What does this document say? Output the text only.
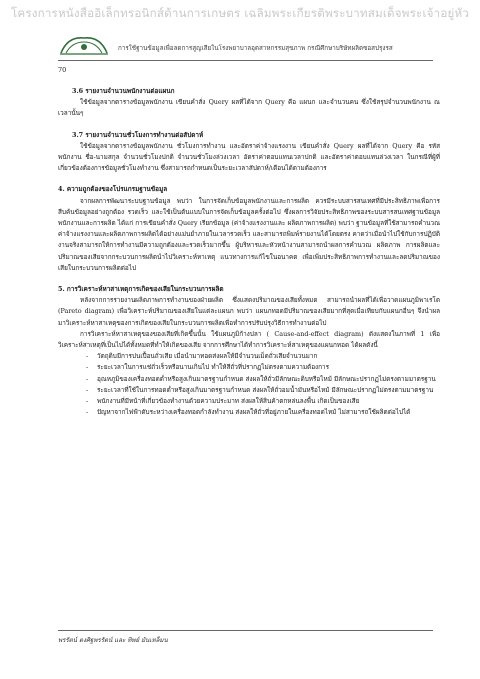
โครงการหนังสืออิเล็กทรอนิกส์ด้านการเกษตร เฉลิมพระเกียรติพระบาทสมเด็จพระเจ้าอยู่หัว
การใช้ฐานข้อมูลเพื่อลดการสูญเสียในโรงพยาบาลอุตสาหกรรมสุขภาพ กรณีศึกษาบริษัทผลิตซอสปรุงรส
70
3.6 รายงานจำนวนพนักงานต่อแผนก
ใช้ข้อมูลจากตารางข้อมูลพนักงาน เขียนคำสั่ง Query ผลที่ได้จาก Query คือ แผนก และจำนวนคน ซึ่งใช้สรุปจำนวนพนักงาน ณ เวลานั้นๆ
3.7 รายงานจำนวนชั่วโมงการทำงานต่อสัปดาห์
ใช้ข้อมูลจากตารางข้อมูลพนักงาน ชั่วโมงการทำงาน และอัตราค่าจ้างแรงงาน เขียนคำสั่ง Query ผลที่ได้จาก Query คือ รหัสพนักงาน ชื่อ-นามสกุล จำนวนชั่วโมงปกติ จำนวนชั่วโมงล่วงเวลา อัตราค่าตอบแทนเวลาปกติ และอัตราค่าตอบแทนล่วงเวลา ในกรณีที่ผู้ที่เกี่ยวข้องต้องการข้อมูลชั่วโมงทำงาน ซึ่งสามารถกำหนดเป็นระยะเวลาสัปดาห์/เดือนได้ตามต้องการ
4. ความถูกต้องของโปรแกรมฐานข้อมูล
จากผลการพัฒนาระบบฐานข้อมูล พบว่า ในการจัดเก็บข้อมูลพนักงานและการผลิต ควรมีระบบสารสนเทศที่มีประสิทธิภาพเพื่อการสืบค้นข้อมูลอย่างถูกต้อง รวดเร็ว และใช้เป็นต้นแบบในการจัดเก็บข้อมูลครั้งต่อไป ซึ่งผลการวิจัยประสิทธิภาพของระบบสารสนเทศฐานข้อมูลพนักงานและการผลิต ได้แก่ การเขียนคำสั่ง Query เรียกข้อมูล (ค่าจ้างแรงงานและ ผลิตภาพการผลิต) พบว่า ฐานข้อมูลที่ใช้สามารถคำนวณค่าจ้างแรงงานและผลิตภาพการผลิตได้อย่างแม่นยำภายในเวลารวดเร็ว และสามารถพิมพ์รายงานได้โดยตรง คาดว่าเมื่อนำไปใช้กับการปฏิบัติงานจริงสามารถให้การทำงานมีความถูกต้องและรวดเร็วมากขึ้น ผู้บริหารและหัวหน้างานสามารถนำผลการคำนวณ ผลิตภาพ การผลิตและปริมาณของเสียจากกระบวนการผลิตนำไปวิเคราะห์หาเหตุ แนวทางการแก้ไขในอนาคต เพื่อเพิ่มประสิทธิภาพการทำงานและลดปริมาณของเสียในกระบวนการผลิตต่อไป
5. การวิเคราะห์หาสาเหตุการเกิดของเสียในกระบวนการผลิต
หลังจากการรายงานผลิตภาพการทำงานของฝ่ายผลิต ซึ่งแสดงปริมาณของเสียทั้งหมด สามารถนำผลที่ได้เพื่อวาดแผนภูมิพาเรโต (Pareto diagram) เพื่อวิเคราะห์ปริมาณของเสียในแต่ละแผนก พบว่า แผนกทอดมีปริมาณของเสียมากที่สุดเมื่อเทียบกับแผนกอื่นๆ จึงนำผลมาวิเคราะห์หาสาเหตุของการเกิดของเสียในกระบวนการผลิตเพื่อทำการปรับปรุงวิธีการทำงานต่อไป
การวิเคราะห์หาสาเหตุของของเสียที่เกิดขึ้นนั้น ใช้แผนภูมิก้างปลา ( Cause-and-effect diagram) ดังแสดงในภาพที่ 1 เพื่อวิเคราะห์สาเหตุที่เป็นไปได้ทั้งหมดที่ทำให้เกิดของเสีย จากการศึกษาได้ทำการวิเคราะห์สาเหตุของแผนกทอด ได้ผลดังนี้
- วัตถุดิบมีการปนเปื้อนถั่วเสีย เมื่อนำมาทอดส่งผลให้มีจำนวนเม็ดถั่วเสียจำนวนมาก
- ระยะเวลาในการแช่ถั่วเร็วหรือนานเกินไป ทำให้สีถั่วที่ปรากฏไม่ตรงตามความต้องการ
- อุณหภูมิของเครื่องทอดต่ำหรือสูงเกินมาตรฐานกำหนด ส่งผลให้ถั่วมีลักษณะดิบหรือไหม้ มีลักษณะปรากฏไม่ตรงตามมาตรฐาน
- ระยะเวลาที่ใช้ในการทอดต่ำหรือสูงเกินมาตรฐานกำหนด ส่งผลให้ถั่วอมน้ำมันหรือไหม้ มีลักษณะปรากฏไม่ตรงตามมาตรฐาน
- พนักงานที่มีหน้าที่เกี่ยวข้องทำงานด้วยความประมาท ส่งผลให้สินค้าตกหล่นลงพื้น เกิดเป็นของเสีย
- ปัญหาจากไฟฟ้าดับระหว่างเครื่องทอดกำลังทำงาน ส่งผลให้ถั่วที่อยู่ภายในเครื่องทอดไหม้ ไม่สามารถใช้ผลิตต่อไปได้
พรรัตน์ ตงศิฐพรรัตน์ และ ทิพย์ มันเหล็มน
